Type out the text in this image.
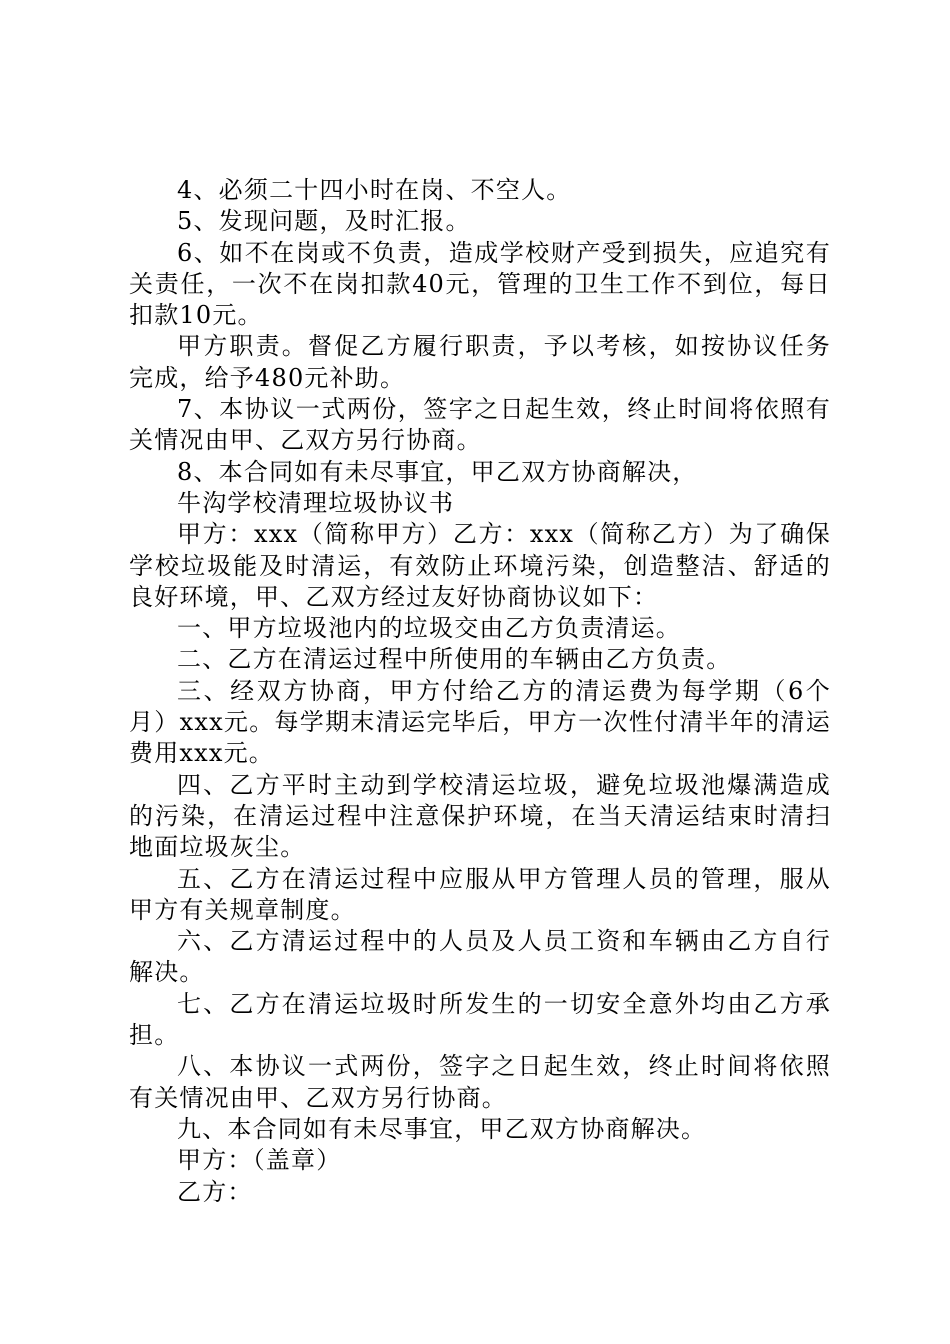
4、必须二十四小时在岗、不空人。

5、发现问题，及时汇报。

6、如不在岗或不负责，造成学校财产受到损失，应追究有关责任，一次不在岗扣款40元，管理的卫生工作不到位，每日扣款10元。

甲方职责。督促乙方履行职责，予以考核，如按协议任务完成，给予480元补助。

7、本协议一式两份，签字之日起生效，终止时间将依照有关情况由甲、乙双方另行协商。

8、本合同如有未尽事宜，甲乙双方协商解决，

牛沟学校清理垃圾协议书

甲方：xxx（简称甲方）乙方：xxx（简称乙方）为了确保学校垃圾能及时清运，有效防止环境污染，创造整洁、舒适的良好环境，甲、乙双方经过友好协商协议如下：

一、甲方垃圾池内的垃圾交由乙方负责清运。

二、乙方在清运过程中所使用的车辆由乙方负责。

三、经双方协商，甲方付给乙方的清运费为每学期（6个月）xxx元。每学期末清运完毕后，甲方一次性付清半年的清运费用xxx元。

四、乙方平时主动到学校清运垃圾，避免垃圾池爆满造成的污染，在清运过程中注意保护环境，在当天清运结束时清扫地面垃圾灰尘。

五、乙方在清运过程中应服从甲方管理人员的管理，服从甲方有关规章制度。

六、乙方清运过程中的人员及人员工资和车辆由乙方自行解决。

七、乙方在清运垃圾时所发生的一切安全意外均由乙方承担。

八、本协议一式两份，签字之日起生效，终止时间将依照有关情况由甲、乙双方另行协商。

九、本合同如有未尽事宜，甲乙双方协商解决。

甲方：（盖章）

乙方：
